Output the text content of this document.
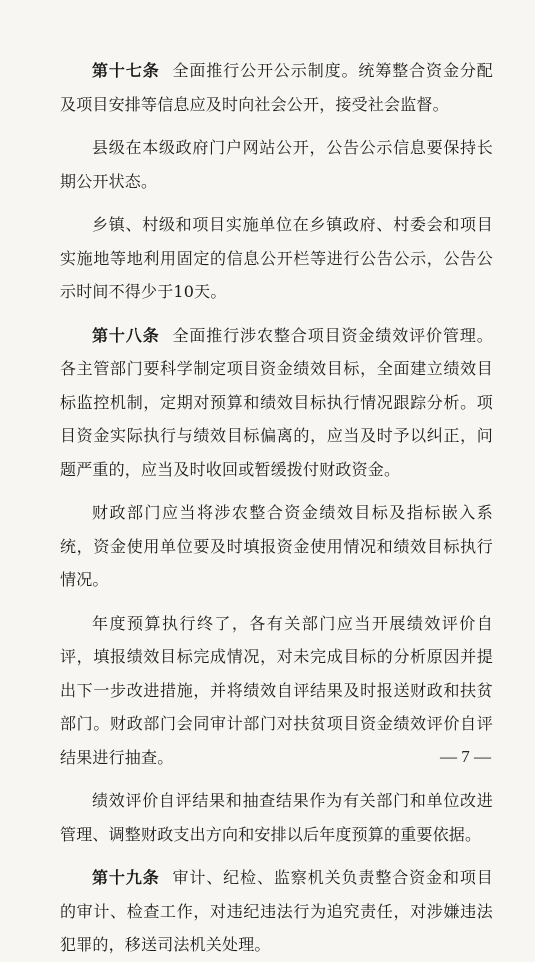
第十七条 全面推行公开公示制度。统筹整合资金分配及项目安排等信息应及时向社会公开，接受社会监督。

县级在本级政府门户网站公开，公告公示信息要保持长期公开状态。

乡镇、村级和项目实施单位在乡镇政府、村委会和项目实施地等地利用固定的信息公开栏等进行公告公示，公告公示时间不得少于10天。

第十八条 全面推行涉农整合项目资金绩效评价管理。各主管部门要科学制定项目资金绩效目标，全面建立绩效目标监控机制，定期对预算和绩效目标执行情况跟踪分析。项目资金实际执行与绩效目标偏离的，应当及时予以纠正，问题严重的，应当及时收回或暂缓拨付财政资金。

财政部门应当将涉农整合资金绩效目标及指标嵌入系统，资金使用单位要及时填报资金使用情况和绩效目标执行情况。

年度预算执行终了，各有关部门应当开展绩效评价自评，填报绩效目标完成情况，对未完成目标的分析原因并提出下一步改进措施，并将绩效自评结果及时报送财政和扶贫部门。财政部门会同审计部门对扶贫项目资金绩效评价自评结果进行抽查。

绩效评价自评结果和抽查结果作为有关部门和单位改进管理、调整财政支出方向和安排以后年度预算的重要依据。

第十九条 审计、纪检、监察机关负责整合资金和项目的审计、检查工作，对违纪违法行为追究责任，对涉嫌违法犯罪的，移送司法机关处理。

— 7 —
